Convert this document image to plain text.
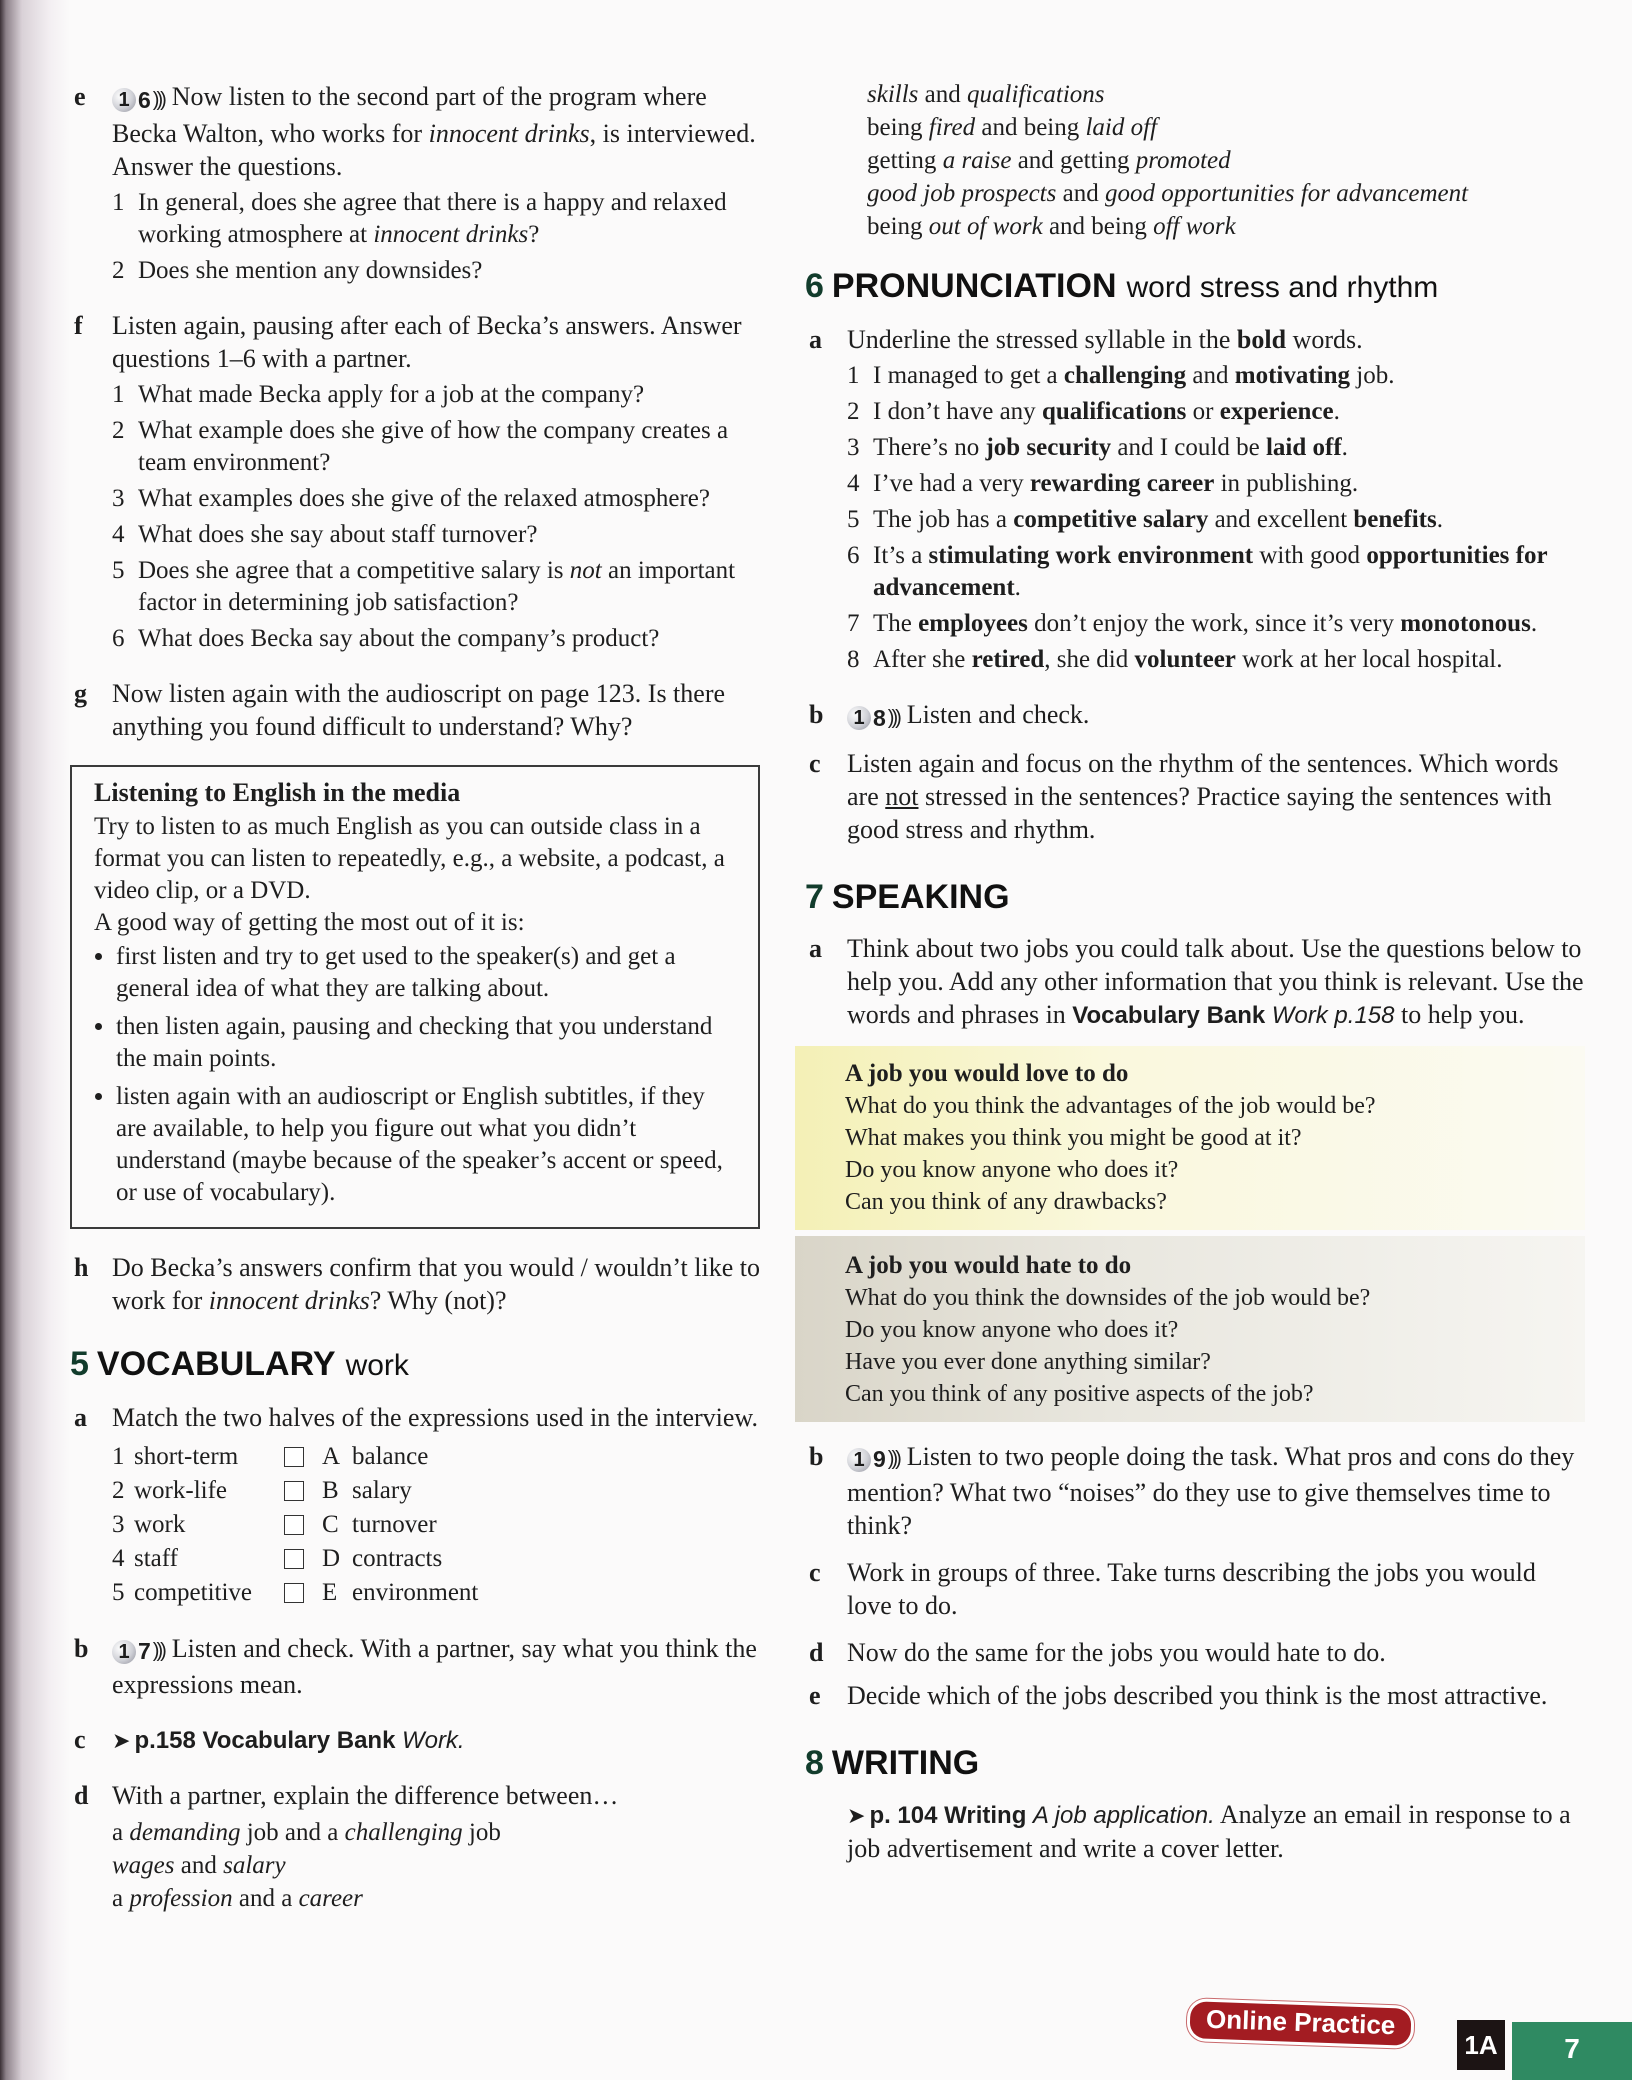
e	1 6 ))) Now listen to the second part of the program where Becka Walton, who works for innocent drinks, is interviewed. Answer the questions.
1 In general, does she agree that there is a happy and relaxed working atmosphere at innocent drinks?
2 Does she mention any downsides?
f Listen again, pausing after each of Becka’s answers. Answer questions 1–6 with a partner.
1 What made Becka apply for a job at the company?
2 What example does she give of how the company creates a team environment?
3 What examples does she give of the relaxed atmosphere?
4 What does she say about staff turnover?
5 Does she agree that a competitive salary is not an important factor in determining job satisfaction?
6 What does Becka say about the company’s product?
g Now listen again with the audioscript on page 123. Is there anything you found difficult to understand? Why?
Listening to English in the media
Try to listen to as much English as you can outside class in a format you can listen to repeatedly, e.g., a website, a podcast, a video clip, or a DVD.
A good way of getting the most out of it is:
• first listen and try to get used to the speaker(s) and get a general idea of what they are talking about.
• then listen again, pausing and checking that you understand the main points.
• listen again with an audioscript or English subtitles, if they are available, to help you figure out what you didn’t understand (maybe because of the speaker’s accent or speed, or use of vocabulary).
h Do Becka’s answers confirm that you would / wouldn’t like to work for innocent drinks? Why (not)?
5 VOCABULARY work
a Match the two halves of the expressions used in the interview.
1 short-term	A balance
2 work-life	B salary
3 work	C turnover
4 staff	D contracts
5 competitive	E environment
b	1 7 ))) Listen and check. With a partner, say what you think the expressions mean.
c ➤ p.158 Vocabulary Bank Work.
d With a partner, explain the difference between…
a demanding job and a challenging job
wages and salary
a profession and a career
skills and qualifications
being fired and being laid off
getting a raise and getting promoted
good job prospects and good opportunities for advancement
being out of work and being off work
6 PRONUNCIATION word stress and rhythm
a Underline the stressed syllable in the bold words.
1 I managed to get a challenging and motivating job.
2 I don’t have any qualifications or experience.
3 There’s no job security and I could be laid off.
4 I’ve had a very rewarding career in publishing.
5 The job has a competitive salary and excellent benefits.
6 It’s a stimulating work environment with good opportunities for advancement.
7 The employees don’t enjoy the work, since it’s very monotonous.
8 After she retired, she did volunteer work at her local hospital.
b	1 8 ))) Listen and check.
c Listen again and focus on the rhythm of the sentences. Which words are not stressed in the sentences? Practice saying the sentences with good stress and rhythm.
7 SPEAKING
a Think about two jobs you could talk about. Use the questions below to help you. Add any other information that you think is relevant. Use the words and phrases in Vocabulary Bank Work p.158 to help you.
A job you would love to do
What do you think the advantages of the job would be?
What makes you think you might be good at it?
Do you know anyone who does it?
Can you think of any drawbacks?
A job you would hate to do
What do you think the downsides of the job would be?
Do you know anyone who does it?
Have you ever done anything similar?
Can you think of any positive aspects of the job?
b	1 9 ))) Listen to two people doing the task. What pros and cons do they mention? What two “noises” do they use to give themselves time to think?
c Work in groups of three. Take turns describing the jobs you would love to do.
d Now do the same for the jobs you would hate to do.
e Decide which of the jobs described you think is the most attractive.
8 WRITING
➤ p. 104 Writing A job application. Analyze an email in response to a job advertisement and write a cover letter.
Online Practice
1A	7
